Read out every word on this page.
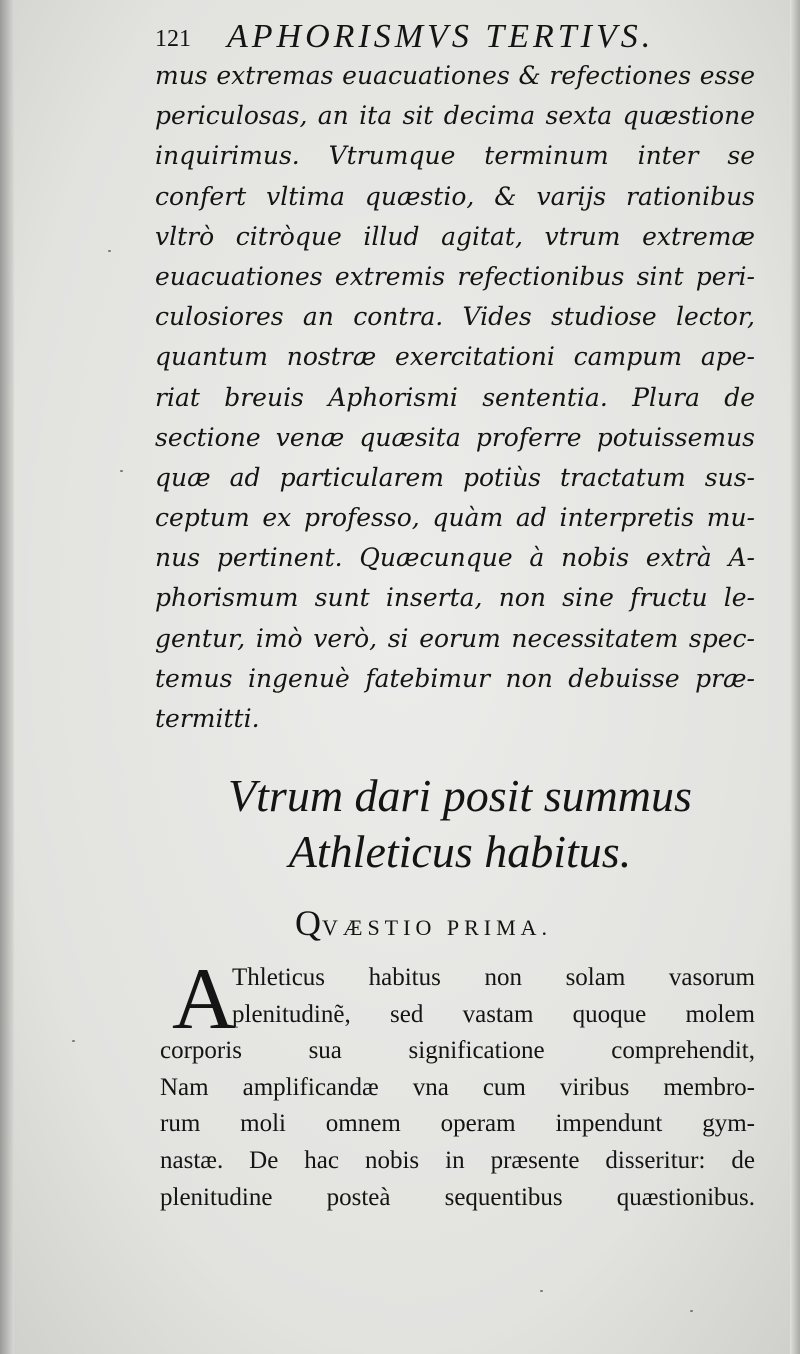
121 APHORISMVS TERTIVS.
mus extremas euacuationes & refectiones esse
periculosas, an ita sit decima sexta quæstione
inquirimus. Vtrumque terminum inter se
confert vltima quæstio, & varijs rationibus
vltrò citròque illud agitat, vtrum extremæ
euacuationes extremis refectionibus sint peri-
culosiores an contra. Vides studiose lector,
quantum nostræ exercitationi campum ape-
riat breuis Aphorismi sententia. Plura de
sectione venæ quæsita proferre potuissemus
quæ ad particularem potiùs tractatum sus-
ceptum ex professo, quàm ad interpretis mu-
nus pertinent. Quæcunque à nobis extrà A-
phorismum sunt inserta, non sine fructu le-
gentur, imò verò, si eorum necessitatem spec-
temus ingenuè fatebimur non debuisse præ-
termitti.
Vtrum dari posit summus
Athleticus habitus.
QVÆSTIO PRIMA.
A
Thleticus habitus non solam vasorum
plenitudinẽ, sed vastam quoque molem
corporis sua significatione comprehendit,
Nam amplificandæ vna cum viribus membro-
rum moli omnem operam impendunt gym-
nastæ. De hac nobis in præsente disseritur: de
plenitudine posteà sequentibus quæstionibus.
